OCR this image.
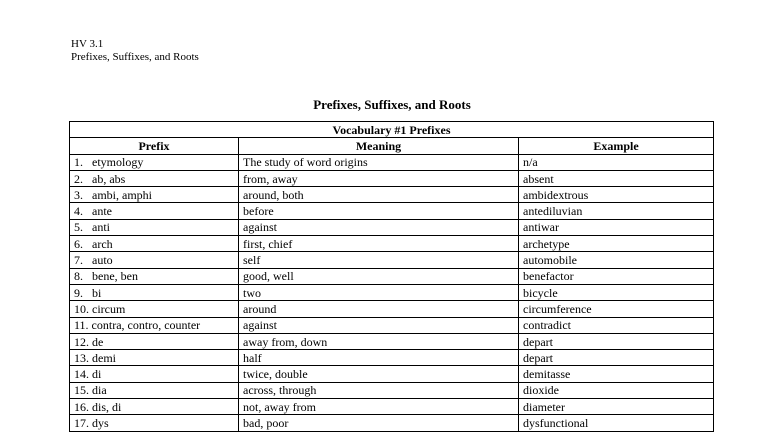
HV 3.1
Prefixes, Suffixes, and Roots
Prefixes, Suffixes, and Roots
Vocabulary #1 Prefixes		
Prefix	Meaning	Example
1.   etymology	The study of word origins	n/a
2.   ab, abs	from, away	absent
3.   ambi, amphi	around, both	ambidextrous
4.   ante	before	antediluvian
5.   anti	against	antiwar
6.   arch	first, chief	archetype
7.   auto	self	automobile
8.   bene, ben	good, well	benefactor
9.   bi	two	bicycle
10. circum	around	circumference
11. contra, contro, counter	against	contradict
12. de	away from, down	depart
13. demi	half	depart
14. di	twice, double	demitasse
15. dia	across, through	dioxide
16. dis, di	not, away from	diameter
17. dys	bad, poor	dysfunctional
